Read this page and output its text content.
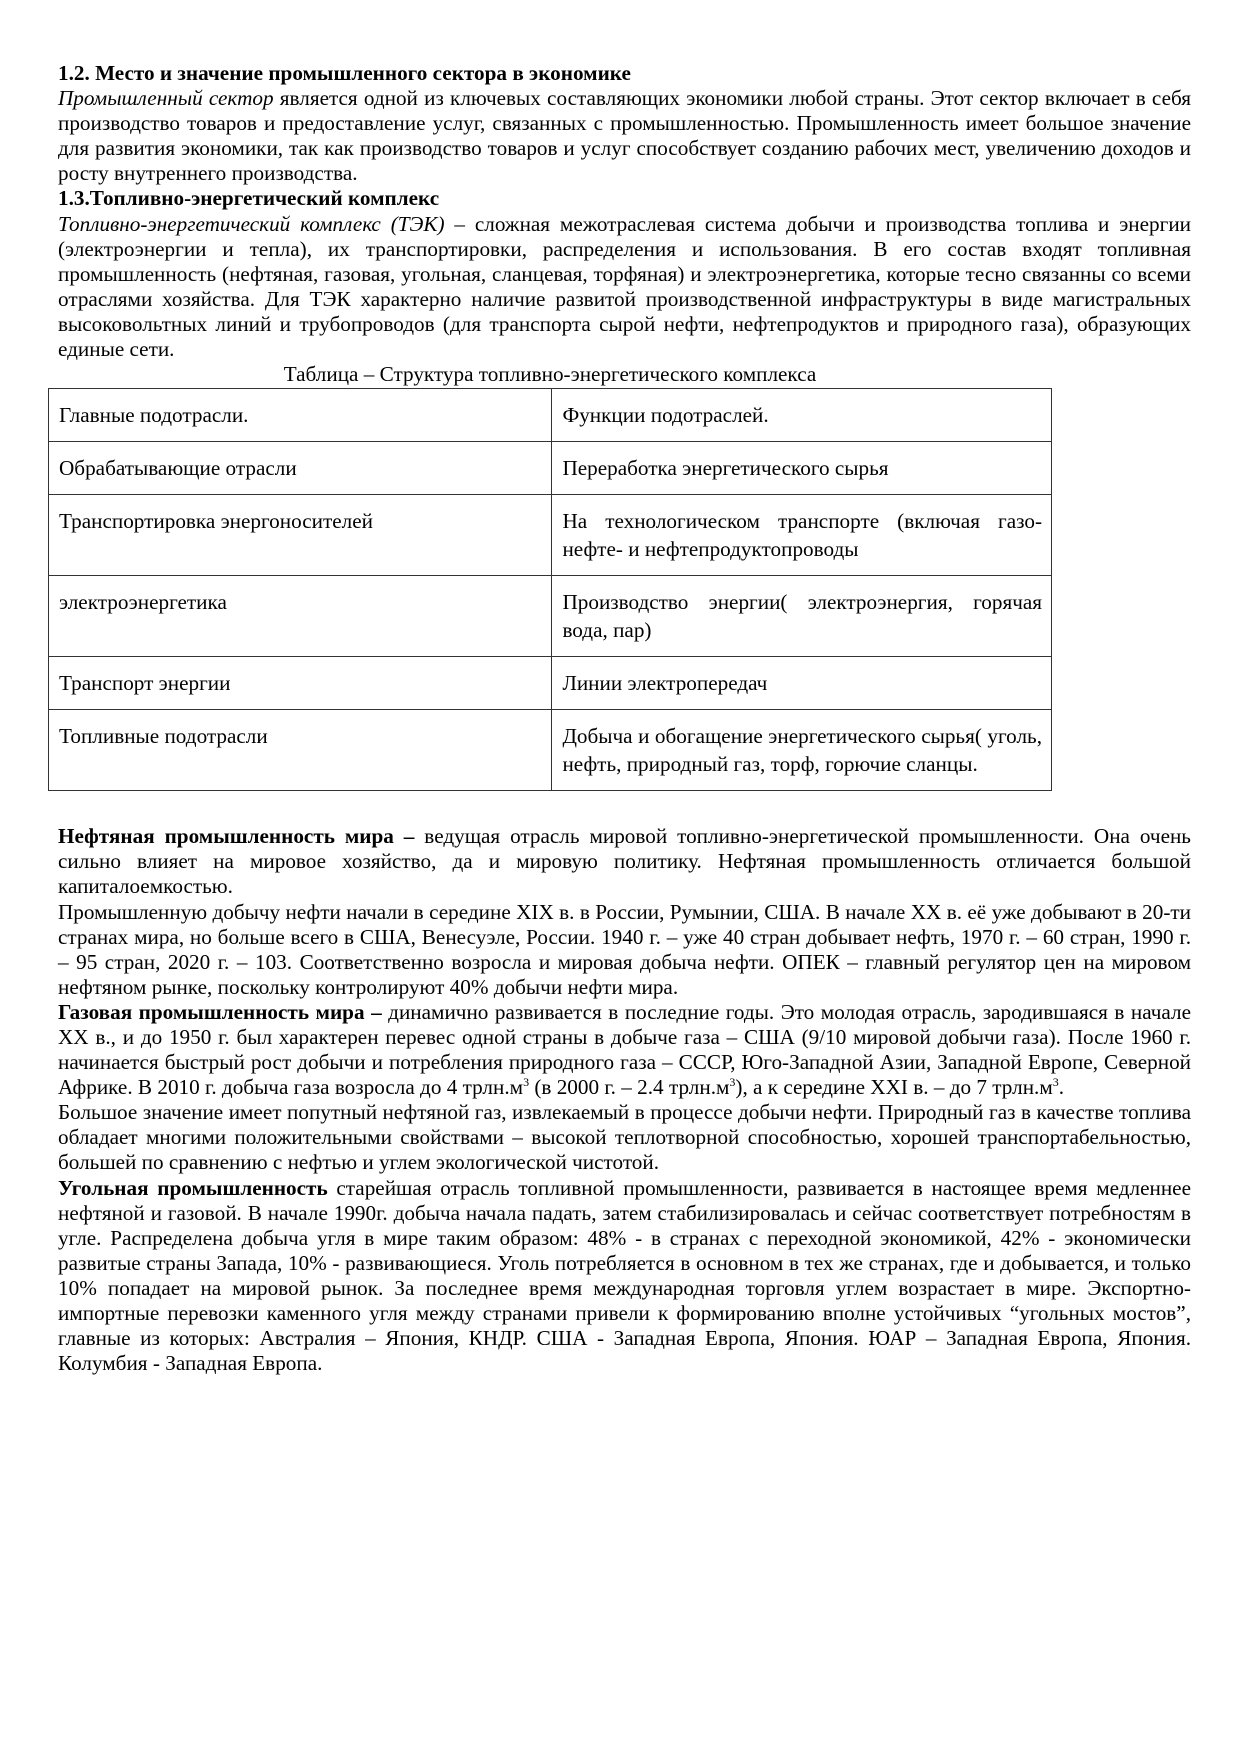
1.2. Место и значение промышленного сектора в экономике

Промышленный сектор является одной из ключевых составляющих экономики любой страны. Этот сектор включает в себя производство товаров и предоставление услуг, связанных с промышленностью. Промышленность имеет большое значение для развития экономики, так как производство товаров и услуг способствует созданию рабочих мест, увеличению доходов и росту внутреннего производства.

1.3.Топливно-энергетический комплекс

Топливно-энергетический комплекс (ТЭК) – сложная межотраслевая система добычи и производства топлива и энергии (электроэнергии и тепла), их транспортировки, распределения и использования. В его состав входят топливная промышленность (нефтяная, газовая, угольная, сланцевая, торфяная) и электроэнергетика, которые тесно связанны со всеми отраслями хозяйства. Для ТЭК характерно наличие развитой производственной инфраструктуры в виде магистральных высоковольтных линий и трубопроводов (для транспорта сырой нефти, нефтепродуктов и природного газа), образующих единые сети.

Таблица – Структура топливно-энергетического комплекса

Главные подотрасли.	Функции подотраслей.
Обрабатывающие отрасли	Переработка энергетического сырья
Транспортировка энергоносителей	На технологическом транспорте (включая газо-нефте- и нефтепродуктопроводы
электроэнергетика	Производство энергии( электроэнергия, горячая вода, пар)
Транспорт энергии	Линии электропередач
Топливные подотрасли	Добыча и обогащение энергетического сырья( уголь, нефть, природный газ, торф, горючие сланцы.

Нефтяная промышленность мира – ведущая отрасль мировой топливно-энергетической промышленности. Она очень сильно влияет на мировое хозяйство, да и мировую политику. Нефтяная промышленность отличается большой капиталоемкостью.

Промышленную добычу нефти начали в середине XIX в. в России, Румынии, США. В начале XX в. её уже добывают в 20-ти странах мира, но больше всего в США, Венесуэле, России. 1940 г. – уже 40 стран добывает нефть, 1970 г. – 60 стран, 1990 г. – 95 стран, 2020 г. – 103. Соответственно возросла и мировая добыча нефти. ОПЕК – главный регулятор цен на мировом нефтяном рынке, поскольку контролируют 40% добычи нефти мира.

Газовая промышленность мира – динамично развивается в последние годы. Это молодая отрасль, зародившаяся в начале XX в., и до 1950 г. был характерен перевес одной страны в добыче газа – США (9/10 мировой добычи газа). После 1960 г. начинается быстрый рост добычи и потребления природного газа – СССР, Юго-Западной Азии, Западной Европе, Северной Африке. В 2010 г. добыча газа возросла до 4 $трлн.м^3$ (в 2000 г. – 2.4 $трлн.м^3$), а к середине XXI в. – до 7 $трлн.м^3$.

Большое значение имеет попутный нефтяной газ, извлекаемый в процессе добычи нефти. Природный газ в качестве топлива обладает многими положительными свойствами – высокой теплотворной способностью, хорошей транспортабельностью, большей по сравнению с нефтью и углем экологической чистотой.

Угольная промышленность старейшая отрасль топливной промышленности, развивается в настоящее время медленнее нефтяной и газовой. В начале 1990г. добыча начала падать, затем стабилизировалась и сейчас соответствует потребностям в угле. Распределена добыча угля в мире таким образом: 48% - в странах с переходной экономикой, 42% - экономически развитые страны Запада, 10% - развивающиеся. Уголь потребляется в основном в тех же странах, где и добывается, и только 10% попадает на мировой рынок. За последнее время международная торговля углем возрастает в мире. Экспортно-импортные перевозки каменного угля между странами привели к формированию вполне устойчивых “угольных мостов”, главные из которых: Австралия – Япония, КНДР. США - Западная Европа, Япония. ЮАР – Западная Европа, Япония. Колумбия - Западная Европа.
